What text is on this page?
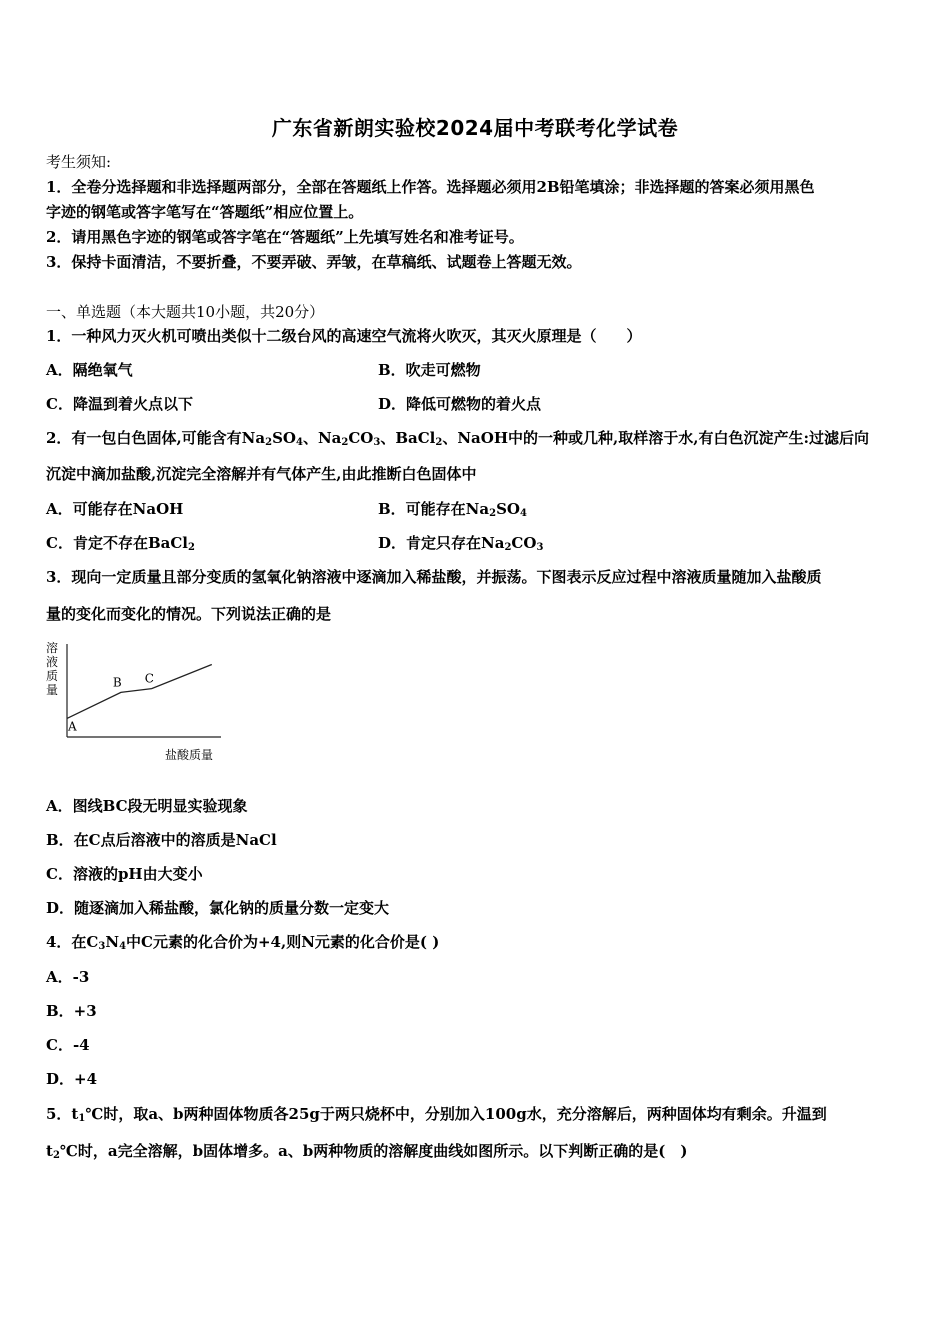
广东省新朗实验校2024届中考联考化学试卷
考生须知:
1．全卷分选择题和非选择题两部分，全部在答题纸上作答。选择题必须用2B铅笔填涂；非选择题的答案必须用黑色
字迹的钢笔或答字笔写在“答题纸”相应位置上。
2．请用黑色字迹的钢笔或答字笔在“答题纸”上先填写姓名和准考证号。
3．保持卡面清洁，不要折叠，不要弄破、弄皱，在草稿纸、试题卷上答题无效。
一、单选题（本大题共10小题，共20分）
1．一种风力灭火机可喷出类似十二级台风的高速空气流将火吹灭，其灭火原理是（　　）
A．隔绝氧气	B．吹走可燃物
C．降温到着火点以下	D．降低可燃物的着火点
2．有一包白色固体,可能含有$Na_2SO_4$、$Na_2CO_3$、BaCl$_2$、NaOH中的一种或几种,取样溶于水,有白色沉淀产生:过滤后向
沉淀中滴加盐酸,沉淀完全溶解并有气体产生,由此推断白色固体中
A．可能存在NaOH	B．可能存在$Na_2SO_4$
C．肯定不存在BaCl$_2$	D．肯定只存在$Na_2CO_3$
3．现向一定质量且部分变质的氢氧化钠溶液中逐滴加入稀盐酸，并振荡。下图表示反应过程中溶液质量随加入盐酸质
量的变化而变化的情况。下列说法正确的是
溶
液
质
量
盐酸质量
A
B C
A．图线BC段无明显实验现象
B．在C点后溶液中的溶质是NaCl
C．溶液的pH由大变小
D．随逐滴加入稀盐酸，氯化钠的质量分数一定变大
4．在$C_3N_4$中C元素的化合价为+4,则N元素的化合价是( )
A．-3
B．+3
C．-4
D．+4
5．$t_1℃$时，取a、b两种固体物质各25g于两只烧杯中，分别加入100g水，充分溶解后，两种固体均有剩余。升温到
$t_2℃$时，a完全溶解，b固体增多。a、b两种物质的溶解度曲线如图所示。以下判断正确的是(　)
